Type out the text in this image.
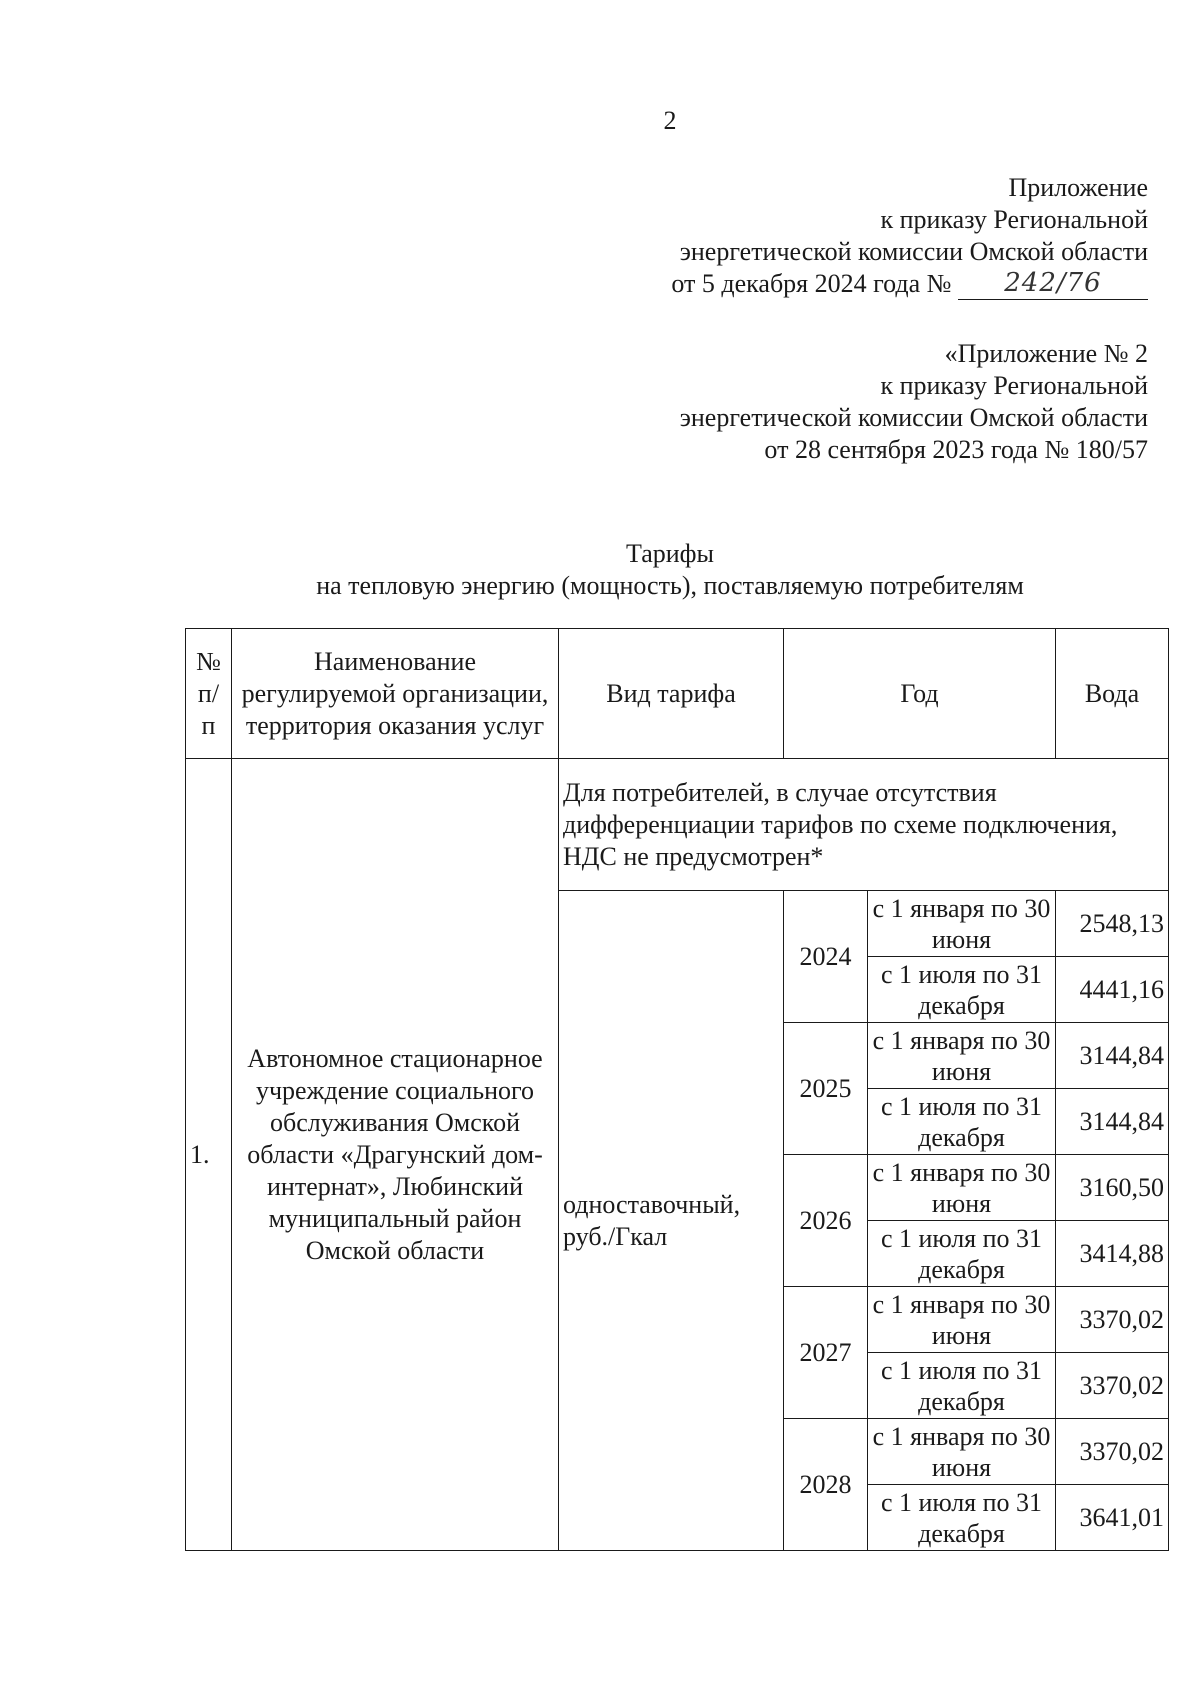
2
Приложение
к приказу Региональной
энергетической комиссии Омской области
от 5 декабря 2024 года № 242/76
«Приложение № 2
к приказу Региональной
энергетической комиссии Омской области
от 28 сентября 2023 года № 180/57
Тарифы
на тепловую энергию (мощность), поставляемую потребителям
№ п/ п	Наименование регулируемой организации, территория оказания услуг	Вид тарифа	Год		Вода
1.	Автономное стационарное учреждение социального обслуживания Омской области «Драгунский дом-интернат», Любинский муниципальный район Омской области	Для потребителей, в случае отсутствия дифференциации тарифов по схеме подключения, НДС не предусмотрен*			
		одноставочный, руб./Гкал	2024	с 1 января по 30 июня	2548,13
				с 1 июля по 31 декабря	4441,16
			2025	с 1 января по 30 июня	3144,84
				с 1 июля по 31 декабря	3144,84
			2026	с 1 января по 30 июня	3160,50
				с 1 июля по 31 декабря	3414,88
			2027	с 1 января по 30 июня	3370,02
				с 1 июля по 31 декабря	3370,02
			2028	с 1 января по 30 июня	3370,02
				с 1 июля по 31 декабря	3641,01
